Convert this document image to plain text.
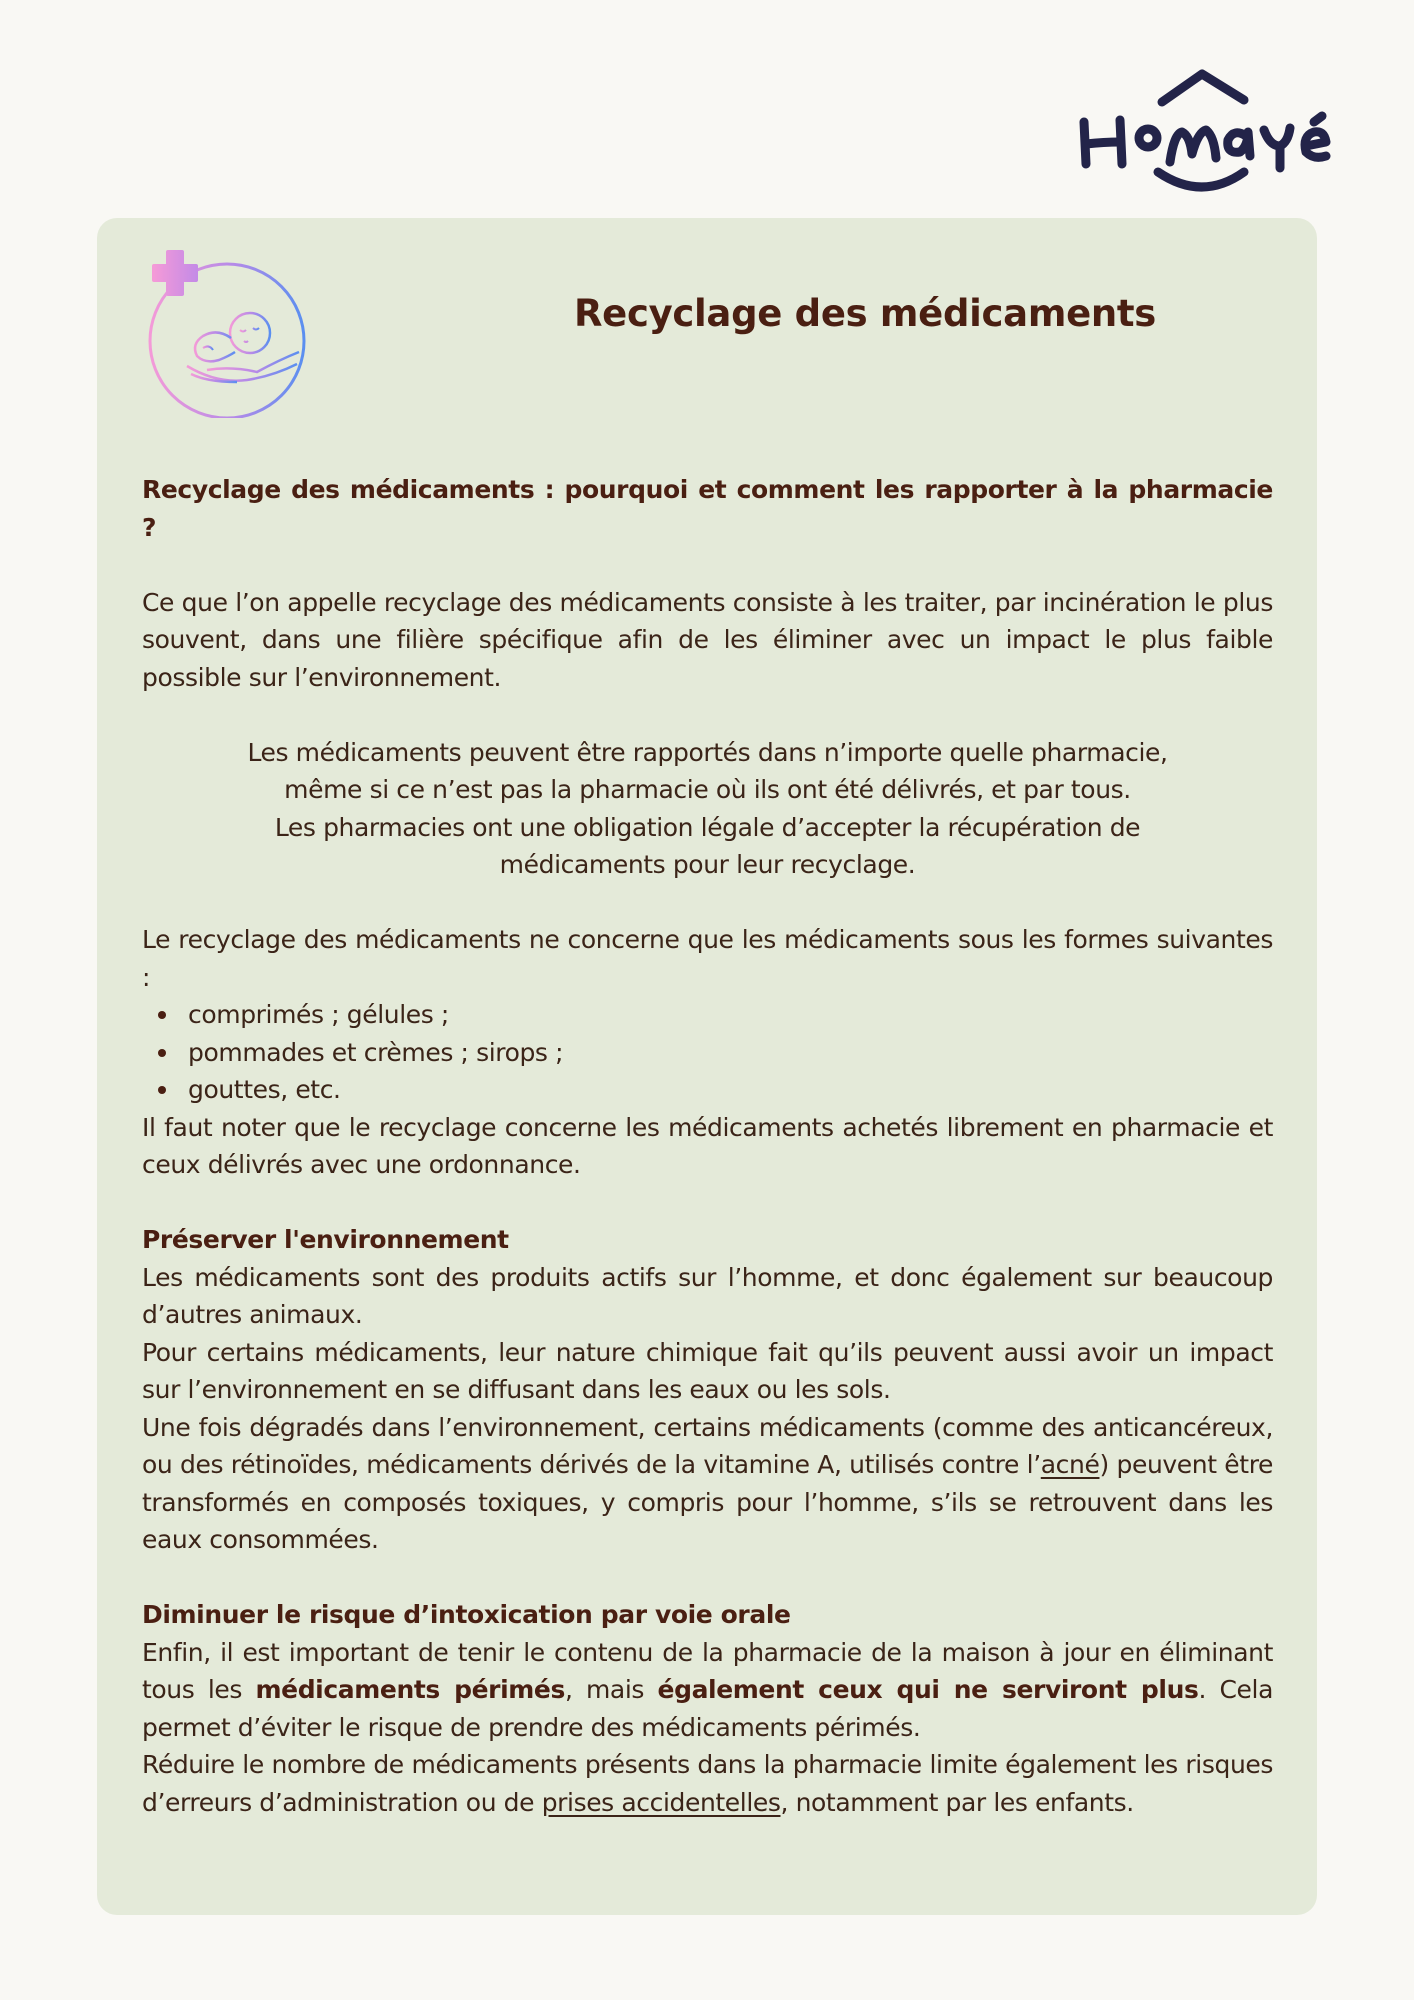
Recyclage des médicaments

Recyclage des médicaments : pourquoi et comment les rapporter à la pharmacie ?

Ce que l’on appelle recyclage des médicaments consiste à les traiter, par incinération le plus souvent, dans une filière spécifique afin de les éliminer avec un impact le plus faible possible sur l’environnement.

Les médicaments peuvent être rapportés dans n’importe quelle pharmacie,

même si ce n’est pas la pharmacie où ils ont été délivrés, et par tous.

Les pharmacies ont une obligation légale d’accepter la récupération de

médicaments pour leur recyclage.

Le recyclage des médicaments ne concerne que les médicaments sous les formes suivantes :

comprimés ; gélules ;
pommades et crèmes ; sirops ;
gouttes, etc.

Il faut noter que le recyclage concerne les médicaments achetés librement en pharmacie et ceux délivrés avec une ordonnance.

Préserver l'environnement

Les médicaments sont des produits actifs sur l’homme, et donc également sur beaucoup d’autres animaux.

Pour certains médicaments, leur nature chimique fait qu’ils peuvent aussi avoir un impact sur l’environnement en se diffusant dans les eaux ou les sols.

Une fois dégradés dans l’environnement, certains médicaments (comme des anticancéreux, ou des rétinoïdes, médicaments dérivés de la vitamine A, utilisés contre l’acné) peuvent être transformés en composés toxiques, y compris pour l’homme, s’ils se retrouvent dans les eaux consommées.

Diminuer le risque d’intoxication par voie orale

Enfin, il est important de tenir le contenu de la pharmacie de la maison à jour en éliminant tous les médicaments périmés, mais également ceux qui ne serviront plus. Cela permet d’éviter le risque de prendre des médicaments périmés.

Réduire le nombre de médicaments présents dans la pharmacie limite également les risques d’erreurs d’administration ou de prises accidentelles, notamment par les enfants.
